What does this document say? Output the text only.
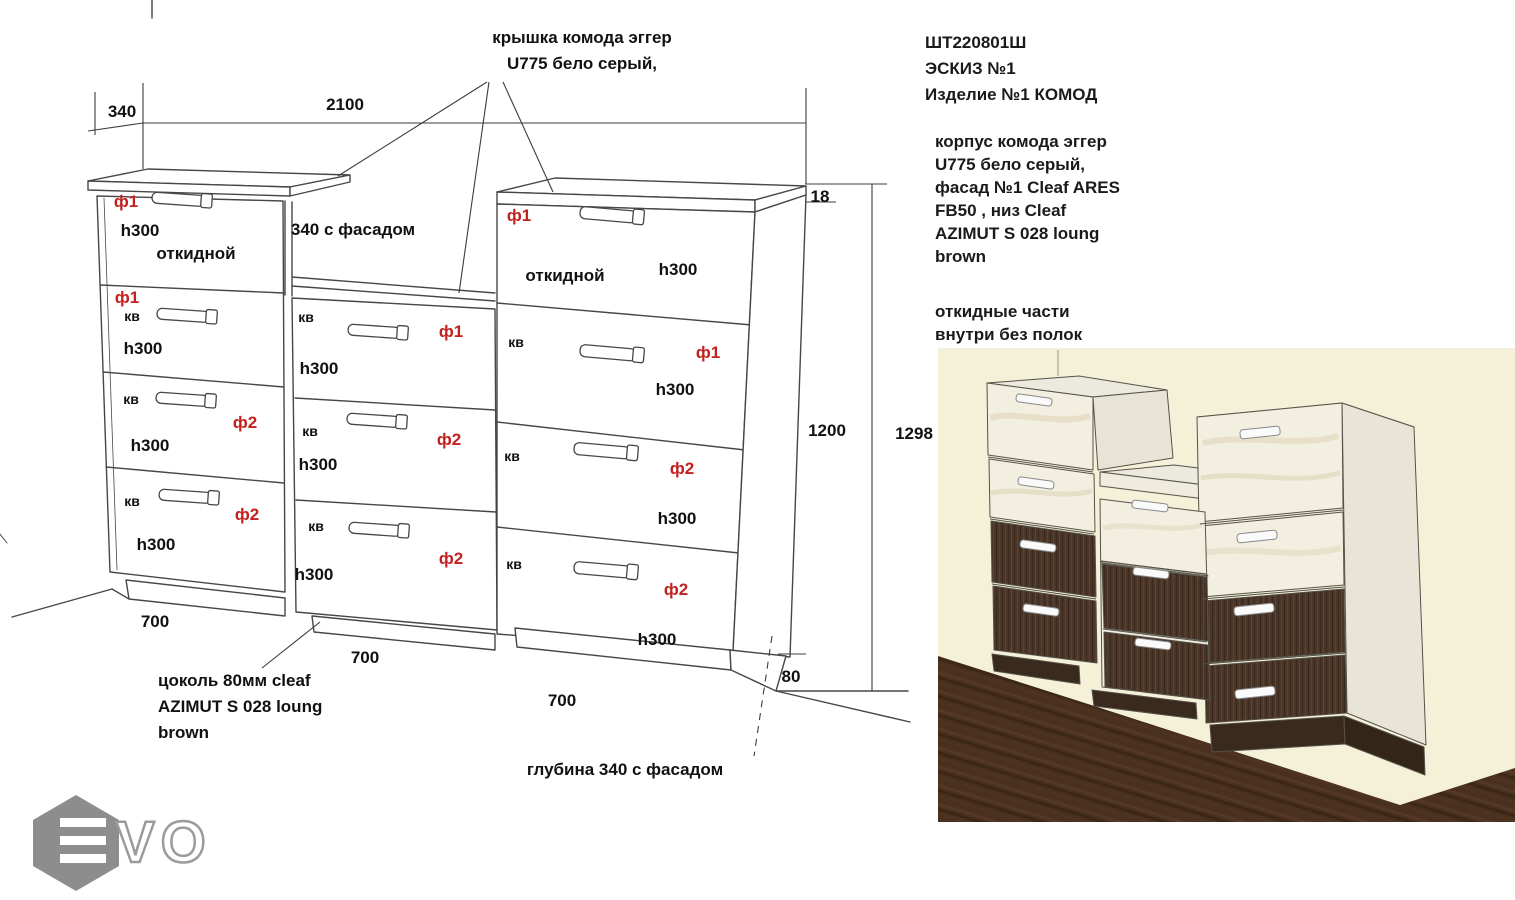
340	2100
18
1200	1298
80
700
700
700
ф1
ф1
ф2
ф2
ф1
ф2
ф2
ф1
ф1
ф2
ф2
кв
кв
кв
кв
кв
кв
кв
кв
кв
h300
h300
h300
h300
h300
h300
h300
h300
h300
h300
h300
откидной
откидной
340 с фасадом
крышка комода эггер
U775 бело серый,
цоколь 80мм cleaf
AZIMUT S 028 loung
brown
глубина 340 с фасадом
ШТ220801Ш
ЭСКИЗ №1
Изделие №1 КОМОД
корпус комода эггер
U775 бело серый,
фасад №1 Cleaf ARES
FB50 , низ Cleaf
AZIMUT S 028 loung
brown
откидные части
внутри без полок
VO
